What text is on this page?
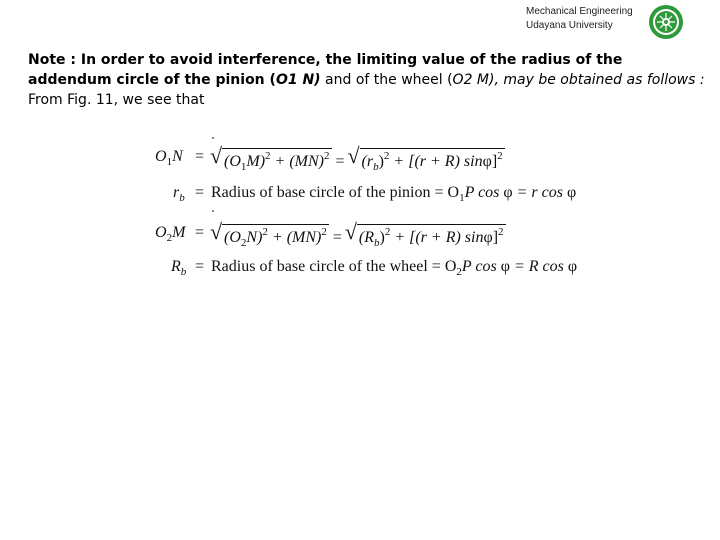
Mechanical Engineering
Udayana University
Note : In order to avoid interference, the limiting value of the radius of the addendum circle of the pinion (O1 N) and of the wheel (O2 M), may be obtained as follows :
From Fig. 11, we see that
$O_1N$ =	√ $(O_1M)^2 + (MN)^2$ = √ $(r_b)^2 + [(r + R)$ sinφ]$^2$
$r_b$ = Radius of base circle of the pinion = $O_1P$ cos φ = r cos φ
$O_2M$ =	√ $(O_2N)^2 + (MN)^2$ = √ $(R_b)^2 + [(r + R)$ sinφ]$^2$
$R_b$ = Radius of base circle of the wheel = $O_2P$ cos φ = R cos φ
